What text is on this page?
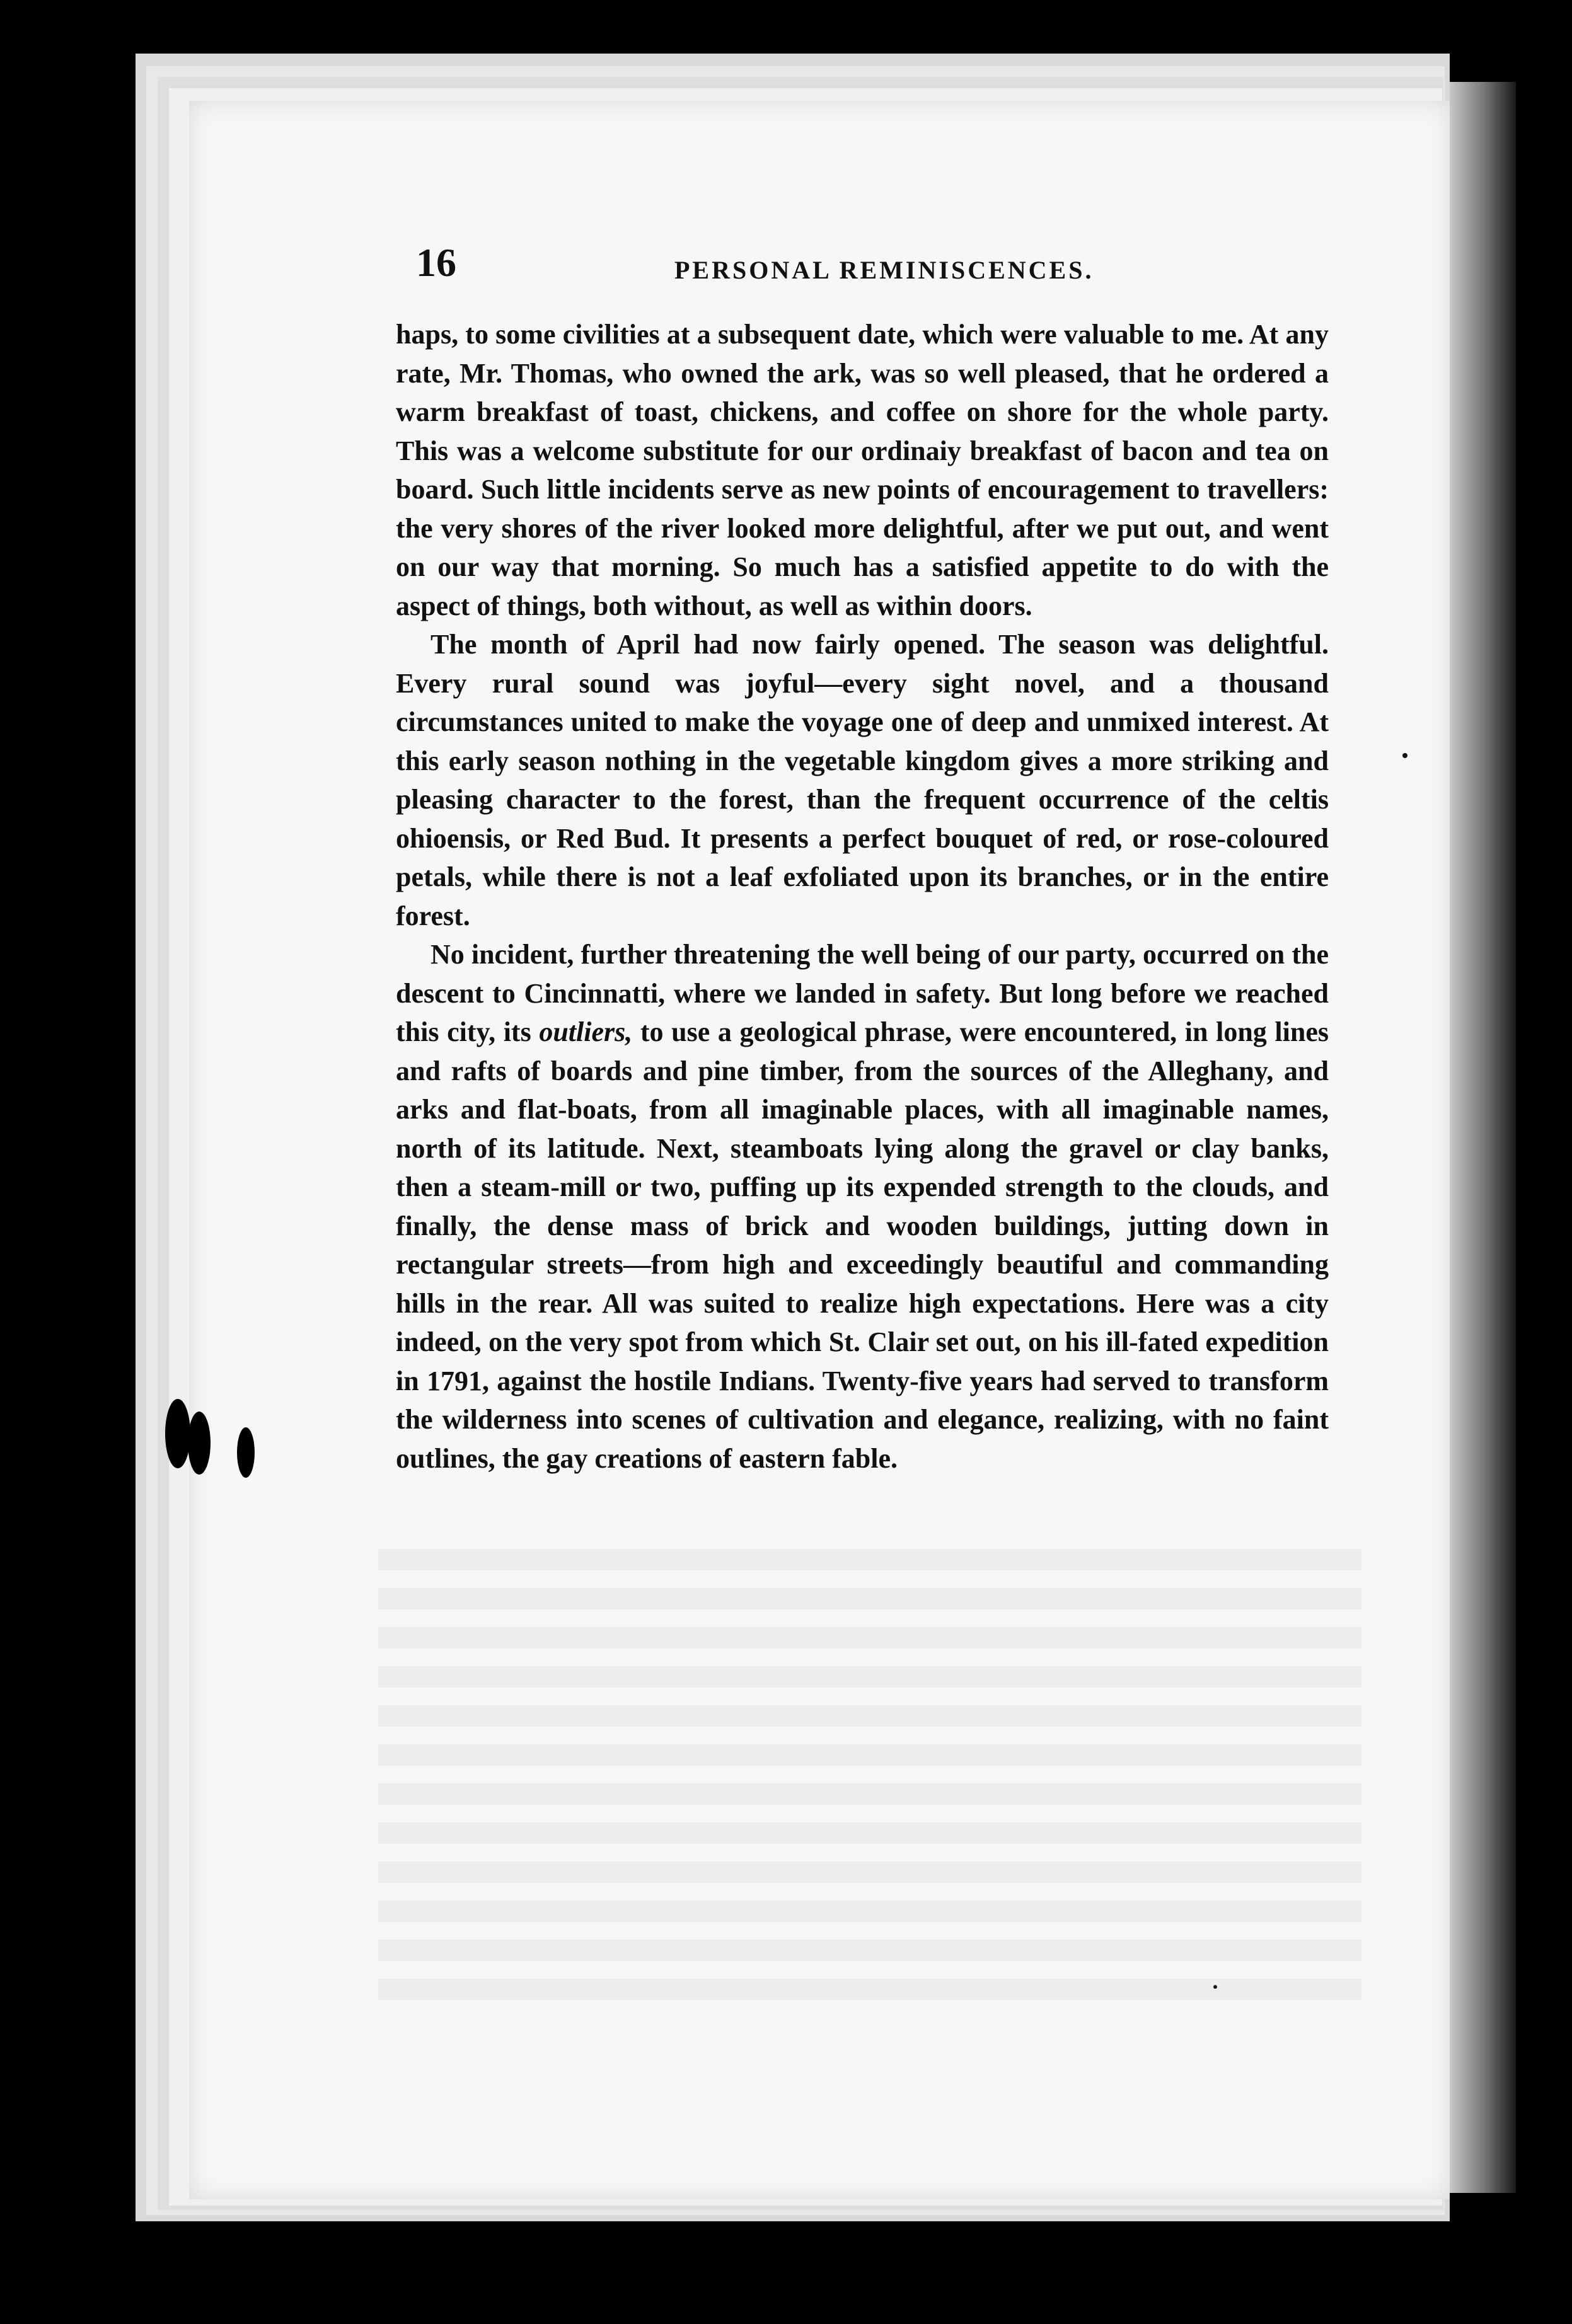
16	PERSONAL REMINISCENCES.

haps, to some civilities at a subsequent date, which were valuable to me. At any rate, Mr. Thomas, who owned the ark, was so well pleased, that he ordered a warm breakfast of toast, chickens, and coffee on shore for the whole party. This was a welcome substitute for our ordinaiy breakfast of bacon and tea on board. Such little incidents serve as new points of encouragement to travellers: the very shores of the river looked more delightful, after we put out, and went on our way that morning. So much has a satisfied appetite to do with the aspect of things, both without, as well as within doors.

The month of April had now fairly opened. The season was delightful. Every rural sound was joyful—every sight novel, and a thousand circumstances united to make the voyage one of deep and unmixed interest. At this early season nothing in the vegetable kingdom gives a more striking and pleasing character to the forest, than the frequent occurrence of the celtis ohioensis, or Red Bud. It presents a perfect bouquet of red, or rose-coloured petals, while there is not a leaf exfoliated upon its branches, or in the entire forest.

No incident, further threatening the well being of our party, occurred on the descent to Cincinnatti, where we landed in safety. But long before we reached this city, its outliers, to use a geological phrase, were encountered, in long lines and rafts of boards and pine timber, from the sources of the Alleghany, and arks and flat-boats, from all imaginable places, with all imaginable names, north of its latitude. Next, steamboats lying along the gravel or clay banks, then a steam-mill or two, puffing up its expended strength to the clouds, and finally, the dense mass of brick and wooden buildings, jutting down in rectangular streets—from high and exceedingly beautiful and commanding hills in the rear. All was suited to realize high expectations. Here was a city indeed, on the very spot from which St. Clair set out, on his ill-fated expedition in 1791, against the hostile Indians. Twenty-five years had served to transform the wilderness into scenes of cultivation and elegance, realizing, with no faint outlines, the gay creations of eastern fable.
